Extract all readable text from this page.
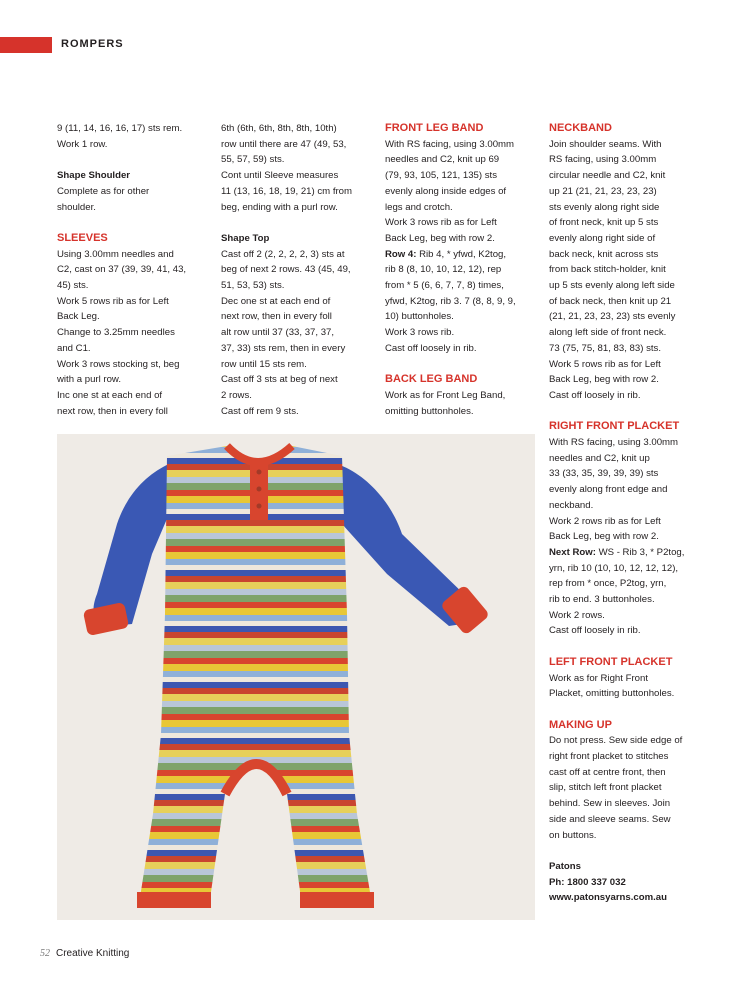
ROMPERS

9 (11, 14, 16, 16, 17) sts rem.

Work 1 row.

Shape Shoulder

Complete as for other

shoulder.

SLEEVES

Using 3.00mm needles and

C2, cast on 37 (39, 39, 41, 43,

45) sts.

Work 5 rows rib as for Left

Back Leg.

Change to 3.25mm needles

and C1.

Work 3 rows stocking st, beg

with a purl row.

Inc one st at each end of

next row, then in every foll

6th (6th, 6th, 8th, 8th, 10th)

row until there are 47 (49, 53,

55, 57, 59) sts.

Cont until Sleeve measures

11 (13, 16, 18, 19, 21) cm from

beg, ending with a purl row.

Shape Top

Cast off 2 (2, 2, 2, 2, 3) sts at

beg of next 2 rows. 43 (45, 49,

51, 53, 53) sts.

Dec one st at each end of

next row, then in every foll

alt row until 37 (33, 37, 37,

37, 33) sts rem, then in every

row until 15 sts rem.

Cast off 3 sts at beg of next

2 rows.

Cast off rem 9 sts.

FRONT LEG BAND

With RS facing, using 3.00mm

needles and C2, knit up 69

(79, 93, 105, 121, 135) sts

evenly along inside edges of

legs and crotch.

Work 3 rows rib as for Left

Back Leg, beg with row 2.

Row 4: Rib 4, * yfwd, K2tog,

rib 8 (8, 10, 10, 12, 12), rep

from * 5 (6, 6, 7, 7, 8) times,

yfwd, K2tog, rib 3. 7 (8, 8, 9, 9,

10) buttonholes.

Work 3 rows rib.

Cast off loosely in rib.

BACK LEG BAND

Work as for Front Leg Band,

omitting buttonholes.

NECKBAND

Join shoulder seams. With

RS facing, using 3.00mm

circular needle and C2, knit

up 21 (21, 21, 23, 23, 23)

sts evenly along right side

of front neck, knit up 5 sts

evenly along right side of

back neck, knit across sts

from back stitch-holder, knit

up 5 sts evenly along left side

of back neck, then knit up 21

(21, 21, 23, 23, 23) sts evenly

along left side of front neck.

73 (75, 75, 81, 83, 83) sts.

Work 5 rows rib as for Left

Back Leg, beg with row 2.

Cast off loosely in rib.

RIGHT FRONT PLACKET

With RS facing, using 3.00mm

needles and C2, knit up

33 (33, 35, 39, 39, 39) sts

evenly along front edge and

neckband.

Work 2 rows rib as for Left

Back Leg, beg with row 2.

Next Row: WS - Rib 3, * P2tog,

yrn, rib 10 (10, 10, 12, 12, 12),

rep from * once, P2tog, yrn,

rib to end. 3 buttonholes.

Work 2 rows.

Cast off loosely in rib.

LEFT FRONT PLACKET

Work as for Right Front

Placket, omitting buttonholes.

MAKING UP

Do not press. Sew side edge of

right front placket to stitches

cast off at centre front, then

slip, stitch left front placket

behind. Sew in sleeves. Join

side and sleeve seams. Sew

on buttons.

Patons

Ph: 1800 337 032

www.patonsyarns.com.au

52 Creative Knitting
